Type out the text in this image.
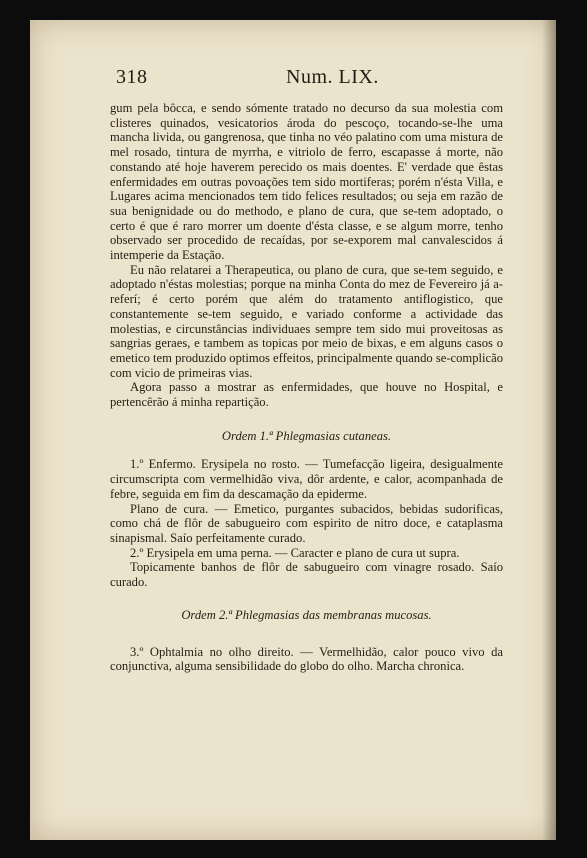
318	Num. LIX.

gum pela bôcca, e sendo sómente tratado no decurso da sua molestia com clisteres quinados, vesicatorios ároda do pescoço, tocando-se-lhe uma mancha livida, ou gangrenosa, que tinha no véo palatino com uma mistura de mel rosado, tintura de myrrha, e vitriolo de ferro, escapasse á morte, não constando até hoje haverem perecido os mais doentes. E' verdade que êstas enfermidades em outras povoações tem sido mortiferas; porém n'ésta Villa, e Lugares acima mencionados tem tido felices resultados; ou seja em razão de sua benignidade ou do methodo, e plano de cura, que se-tem adoptado, o certo é que é raro morrer um doente d'ésta classe, e se algum morre, tenho observado ser procedido de recaídas, por se-exporem mal canvalescidos á intemperie da Estação.

Eu não relatarei a Therapeutica, ou plano de cura, que se-tem seguido, e adoptado n'éstas molestias; porque na minha Conta do mez de Fevereiro já a-referí; é certo porém que além do tratamento antiflogistico, que constantemente se-tem seguido, e variado conforme a actividade das molestias, e circunstâncias individuaes sempre tem sido mui proveitosas as sangrias geraes, e tambem as topicas por meio de bixas, e em alguns casos o emetico tem produzido optimos effeitos, principalmente quando se-complicão com vicio de primeiras vias.

Agora passo a mostrar as enfermidades, que houve no Hospital, e pertencêrão á minha repartição.

Ordem 1.ª Phlegmasias cutaneas.

1.º Enfermo. Erysipela no rosto. — Tumefacção ligeira, desigualmente circumscripta com vermelhidão viva, dôr ardente, e calor, acompanhada de febre, seguida em fim da descamação da epiderme.

Plano de cura. — Emetico, purgantes subacidos, bebidas sudorificas, como chá de flôr de sabugueiro com espirito de nitro doce, e cataplasma sinapismal. Saío perfeitamente curado.

2.º Erysipela em uma perna. — Caracter e plano de cura ut supra.

Topicamente banhos de flôr de sabugueiro com vinagre rosado. Saío curado.

Ordem 2.ª Phlegmasias das membranas mucosas.

3.º Ophtalmia no olho direito. — Vermelhidão, calor pouco vivo da conjunctiva, alguma sensibilidade do globo do olho. Marcha chronica.
